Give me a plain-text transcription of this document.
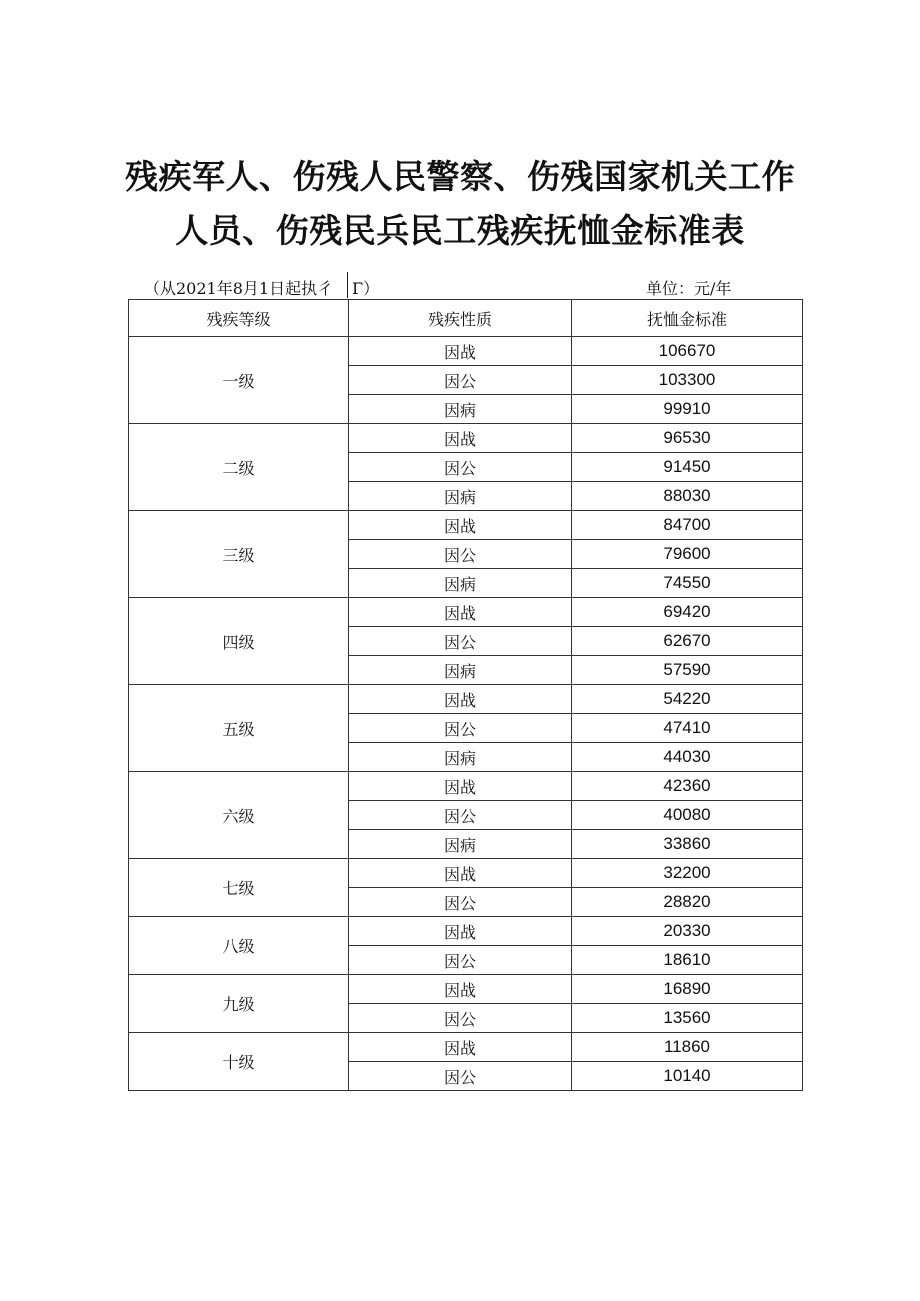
残疾军人、伤残人民警察、伤残国家机关工作
人员、伤残民兵民工残疾抚恤金标准表
（从2021年8月1日起执彳 Γ）	单位：元/年
残疾等级	残疾性质	抚恤金标准
一级	因战	106670
	因公	103300
	因病	99910
二级	因战	96530
	因公	91450
	因病	88030
三级	因战	84700
	因公	79600
	因病	74550
四级	因战	69420
	因公	62670
	因病	57590
五级	因战	54220
	因公	47410
	因病	44030
六级	因战	42360
	因公	40080
	因病	33860
七级	因战	32200
	因公	28820
八级	因战	20330
	因公	18610
九级	因战	16890
	因公	13560
十级	因战	11860
	因公	10140
